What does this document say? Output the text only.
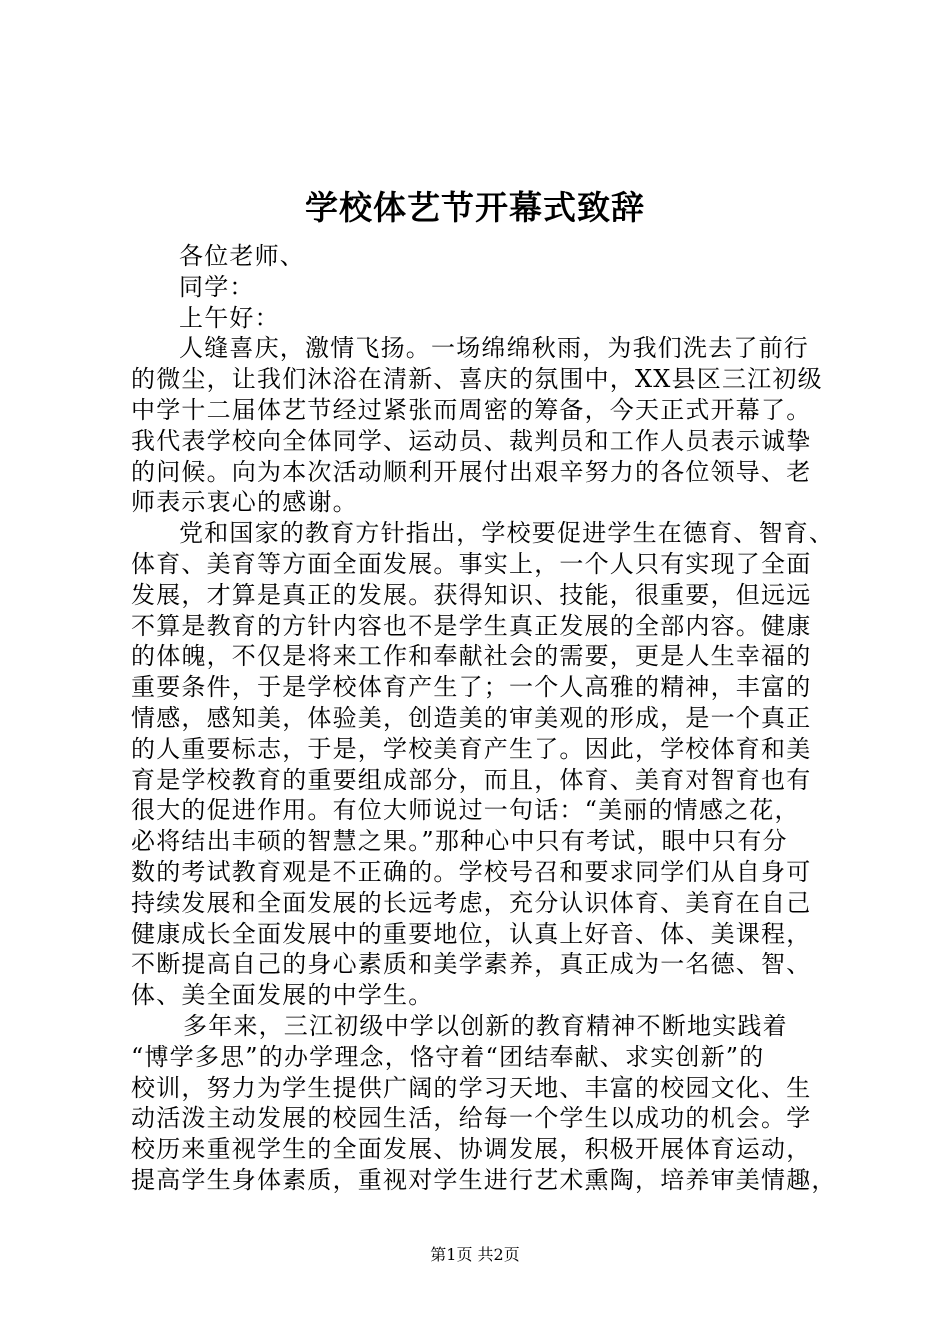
学校体艺节开幕式致辞
各位老师、
同学：
上午好：
人缝喜庆，激情飞扬。一场绵绵秋雨，为我们洗去了前行
的微尘，让我们沐浴在清新、喜庆的氛围中，XX县区三江初级
中学十二届体艺节经过紧张而周密的筹备，今天正式开幕了。
我代表学校向全体同学、运动员、裁判员和工作人员表示诚挚
的问候。向为本次活动顺利开展付出艰辛努力的各位领导、老
师表示衷心的感谢。
党和国家的教育方针指出，学校要促进学生在德育、智育、
体育、美育等方面全面发展。事实上，一个人只有实现了全面
发展，才算是真正的发展。获得知识、技能，很重要，但远远
不算是教育的方针内容也不是学生真正发展的全部内容。健康
的体魄，不仅是将来工作和奉献社会的需要，更是人生幸福的
重要条件，于是学校体育产生了；一个人高雅的精神，丰富的
情感，感知美，体验美，创造美的审美观的形成，是一个真正
的人重要标志，于是，学校美育产生了。因此，学校体育和美
育是学校教育的重要组成部分，而且，体育、美育对智育也有
很大的促进作用。有位大师说过一句话：“美丽的情感之花，
必将结出丰硕的智慧之果。”那种心中只有考试，眼中只有分
数的考试教育观是不正确的。学校号召和要求同学们从自身可
持续发展和全面发展的长远考虑，充分认识体育、美育在自己
健康成长全面发展中的重要地位，认真上好音、体、美课程，
不断提高自己的身心素质和美学素养，真正成为一名德、智、
体、美全面发展的中学生。
多年来，三江初级中学以创新的教育精神不断地实践着
“博学多思”的办学理念，恪守着“团结奉献、求实创新”的
校训，努力为学生提供广阔的学习天地、丰富的校园文化、生
动活泼主动发展的校园生活，给每一个学生以成功的机会。学
校历来重视学生的全面发展、协调发展，积极开展体育运动，
提高学生身体素质，重视对学生进行艺术熏陶，培养审美情趣，
第1页 共2页
